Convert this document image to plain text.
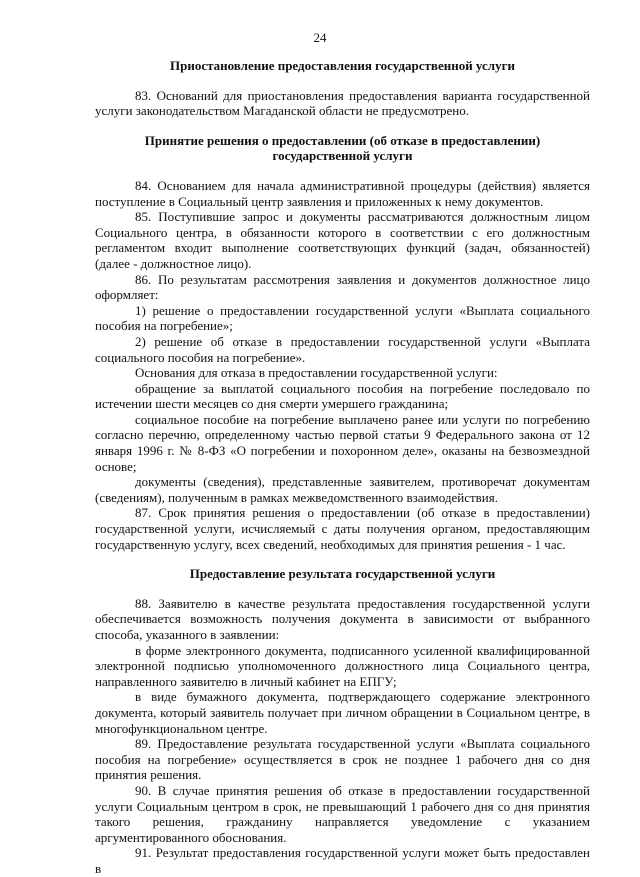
24

Приостановление предоставления государственной услуги

83. Оснований для приостановления предоставления варианта государственной услуги законодательством Магаданской области не предусмотрено.

Принятие решения о предоставлении (об отказе в предоставлении)

государственной услуги

84. Основанием для начала административной процедуры (действия) является поступление в Социальный центр заявления и приложенных к нему документов.

85. Поступившие запрос и документы рассматриваются должностным лицом Социального центра, в обязанности которого в соответствии с его должностным регламентом входит выполнение соответствующих функций (задач, обязанностей) (далее - должностное лицо).

86. По результатам рассмотрения заявления и документов должностное лицо оформляет:

1) решение о предоставлении государственной услуги «Выплата социального пособия на погребение»;

2) решение об отказе в предоставлении государственной услуги «Выплата социального пособия на погребение».

Основания для отказа в предоставлении государственной услуги:

обращение за выплатой социального пособия на погребение последовало по истечении шести месяцев со дня смерти умершего гражданина;

социальное пособие на погребение выплачено ранее или услуги по погребению согласно перечню, определенному частью первой статьи 9 Федерального закона от 12 января 1996 г. № 8-ФЗ «О погребении и похоронном деле», оказаны на безвозмездной основе;

документы (сведения), представленные заявителем, противоречат документам (сведениям), полученным в рамках межведомственного взаимодействия.

87. Срок принятия решения о предоставлении (об отказе в предоставлении) государственной услуги, исчисляемый с даты получения органом, предоставляющим государственную услугу, всех сведений, необходимых для принятия решения - 1 час.

Предоставление результата государственной услуги

88. Заявителю в качестве результата предоставления государственной услуги обеспечивается возможность получения документа в зависимости от выбранного способа, указанного в заявлении:

в форме электронного документа, подписанного усиленной квалифицированной электронной подписью уполномоченного должностного лица Социального центра, направленного заявителю в личный кабинет на ЕПГУ;

в виде бумажного документа, подтверждающего содержание электронного документа, который заявитель получает при личном обращении в Социальном центре, в многофункциональном центре.

89. Предоставление результата государственной услуги «Выплата социального пособия на погребение» осуществляется в срок не позднее 1 рабочего дня со дня принятия решения.

90. В случае принятия решения об отказе в предоставлении государственной услуги Социальным центром в срок, не превышающий 1 рабочего дня со дня принятия такого решения, гражданину направляется уведомление с указанием аргументированного обоснования.

91. Результат предоставления государственной услуги может быть предоставлен в
